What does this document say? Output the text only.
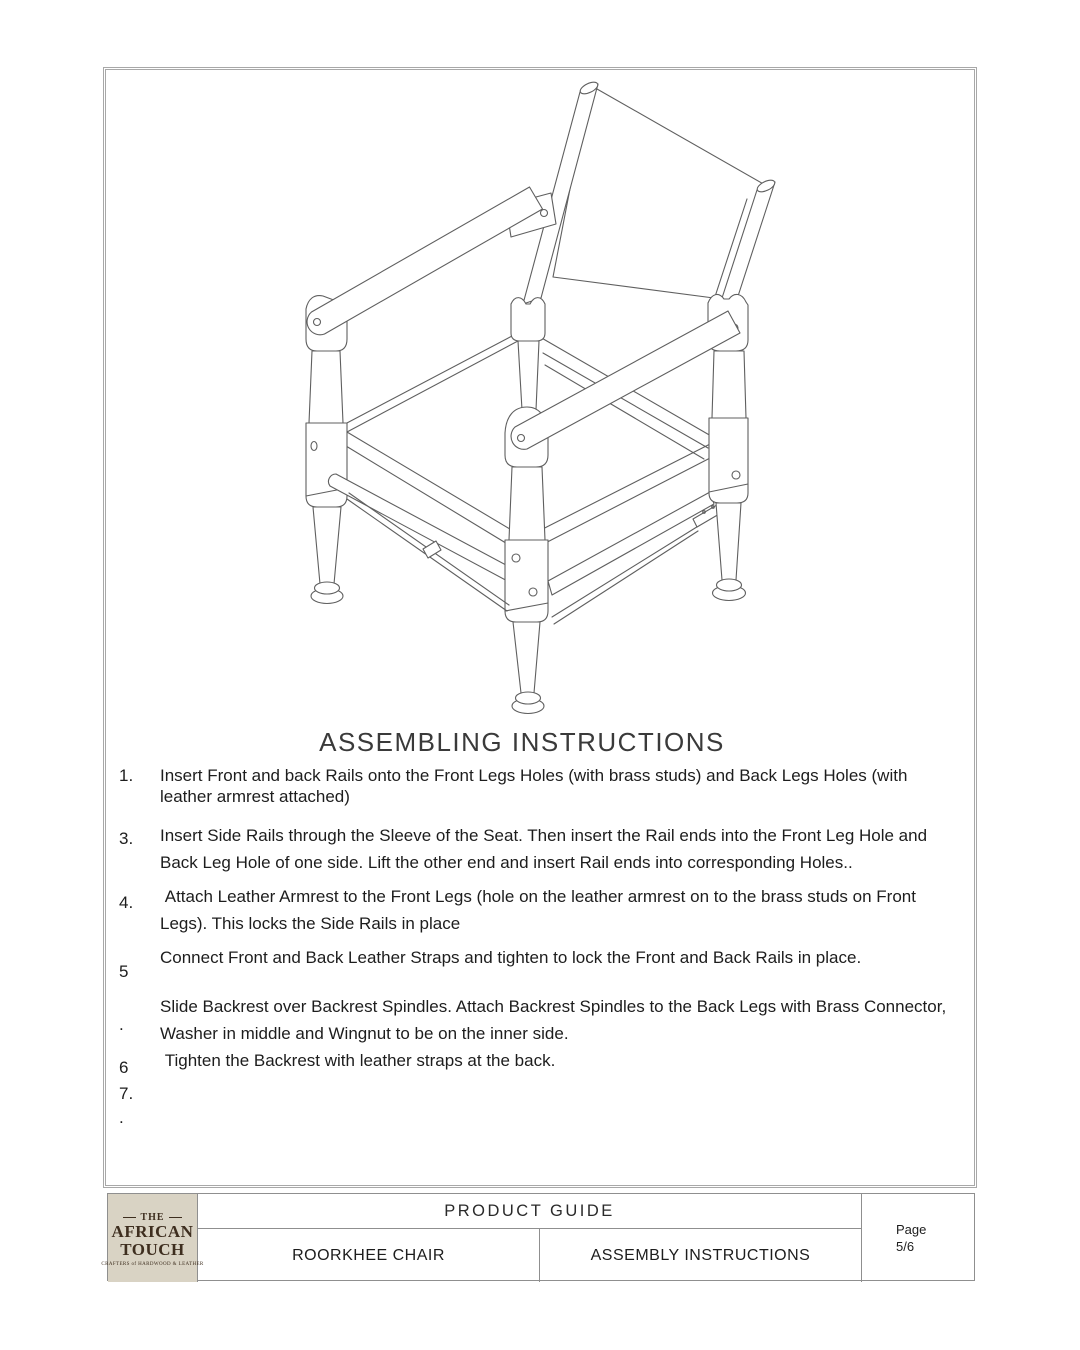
ASSEMBLING INSTRUCTIONS
1.	Insert Front and back Rails onto the Front Legs Holes (with brass studs) and Back Legs Holes (with leather armrest attached)
3.	Insert Side Rails through the Sleeve of the Seat. Then insert the Rail ends into the Front Leg Hole and Back Leg Hole of one side. Lift the other end and insert Rail ends into corresponding Holes..
4.	Attach Leather Armrest to the Front Legs (hole on the leather armrest on to the brass studs on Front Legs). This locks the Side Rails in place
5
Connect Front and Back Leather Straps and tighten to lock the Front and Back Rails in place.
.
Slide Backrest over Backrest Spindles. Attach Backrest Spindles to the Back Legs with Brass Connector, Washer in middle and Wingnut to be on the inner side.
6	Tighten the Backrest with leather straps at the back.
7.
.
THE
AFRICAN
TOUCH
CRAFTERS of HARDWOOD & LEATHER
PRODUCT GUIDE
ROORKHEE CHAIR	ASSEMBLY INSTRUCTIONS
Page
5/6
